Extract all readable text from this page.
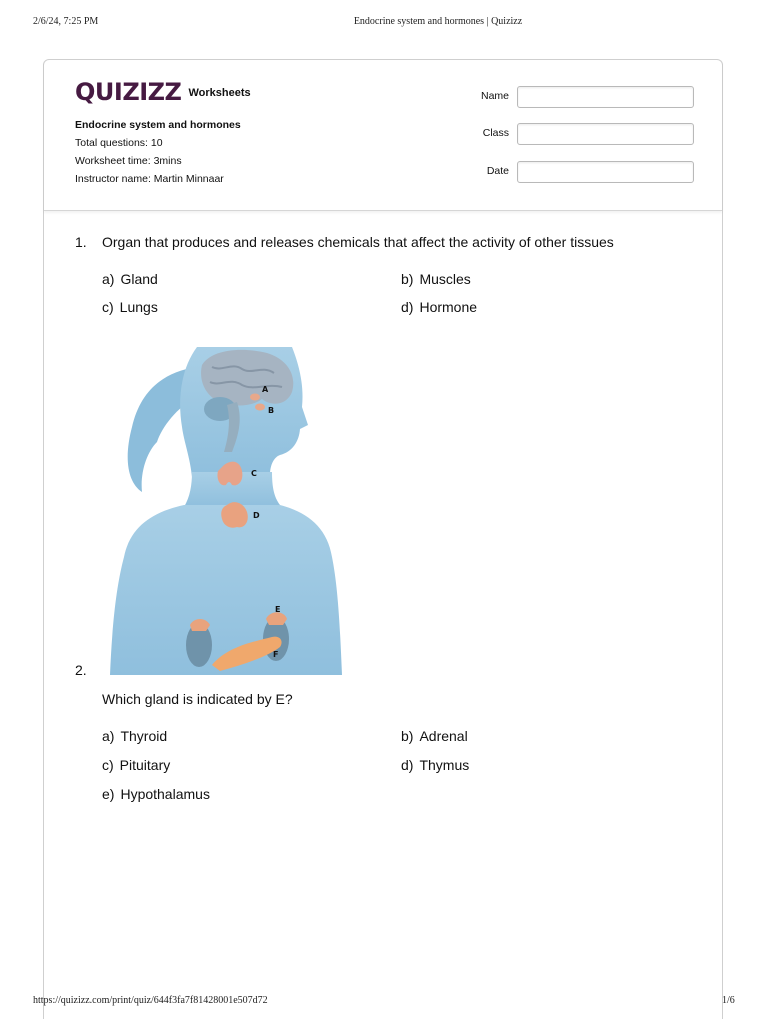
2/6/24, 7:25 PM	Endocrine system and hormones | Quizizz
QUIZIZZ Worksheets
Endocrine system and hormones
Total questions: 10
Worksheet time: 3mins
Instructor name: Martin Minnaar
Name
Class
Date
1. Organ that produces and releases chemicals that affect the activity of other tissues
a) Gland	b) Muscles
c) Lungs	d) Hormone
A
B
C
D
E
F
2.
Which gland is indicated by E?
a) Thyroid	b) Adrenal
c) Pituitary	d) Thymus
e) Hypothalamus
https://quizizz.com/print/quiz/644f3fa7f81428001e507d72	1/6
